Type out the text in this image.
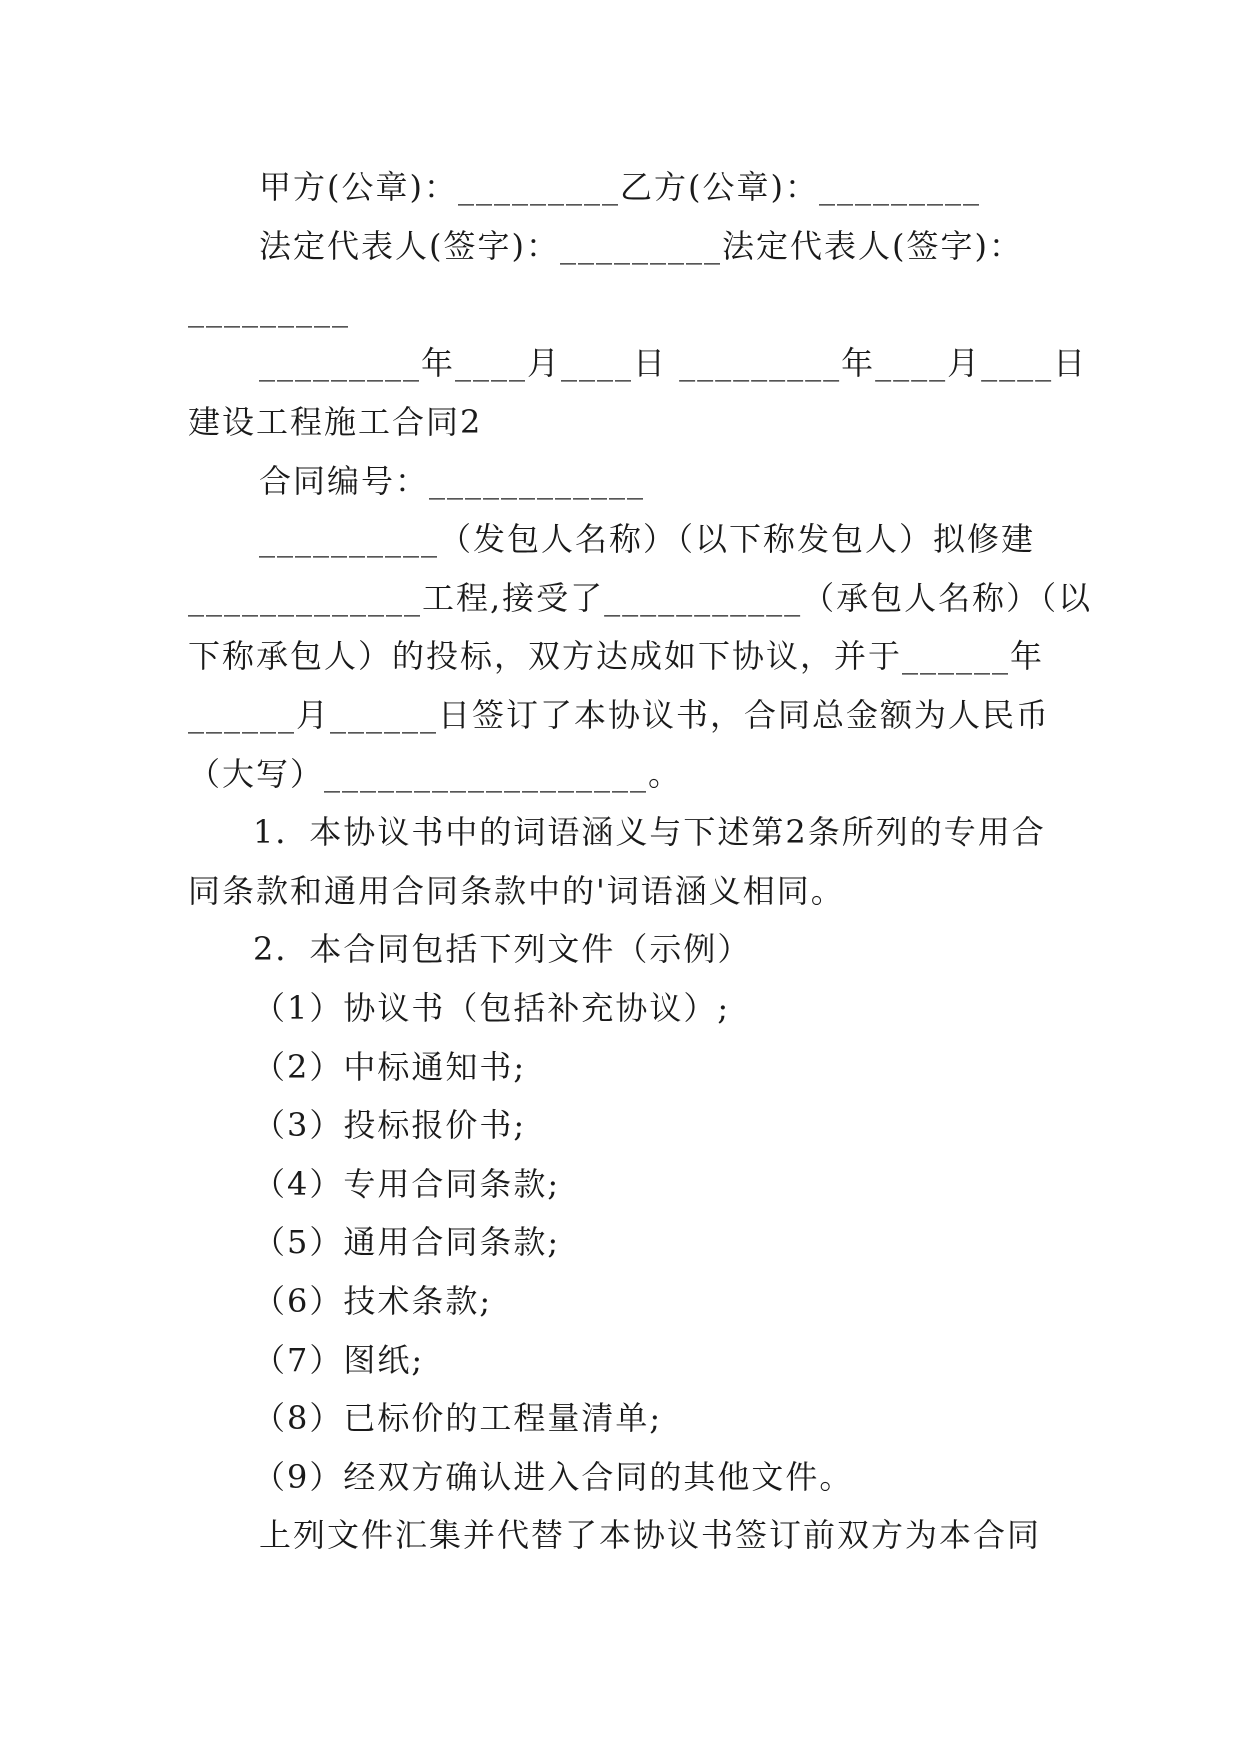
甲方(公章)：_________乙方(公章)：_________
法定代表人(签字)：_________法定代表人(签字)：
_________
_________年____月____日 _________年____月____日
建设工程施工合同2
合同编号：____________
__________（发包人名称）（以下称发包人）拟修建
_____________工程,接受了___________（承包人名称）（以
下称承包人）的投标，双方达成如下协议，并于______年
______月______日签订了本协议书，合同总金额为人民币
（大写）__________________。
1．本协议书中的词语涵义与下述第2条所列的专用合
同条款和通用合同条款中的'词语涵义相同。
2．本合同包括下列文件（示例）
（1）协议书（包括补充协议）;
（2）中标通知书;
（3）投标报价书;
（4）专用合同条款;
（5）通用合同条款;
（6）技术条款;
（7）图纸;
（8）已标价的工程量清单;
（9）经双方确认进入合同的其他文件。
上列文件汇集并代替了本协议书签订前双方为本合同
